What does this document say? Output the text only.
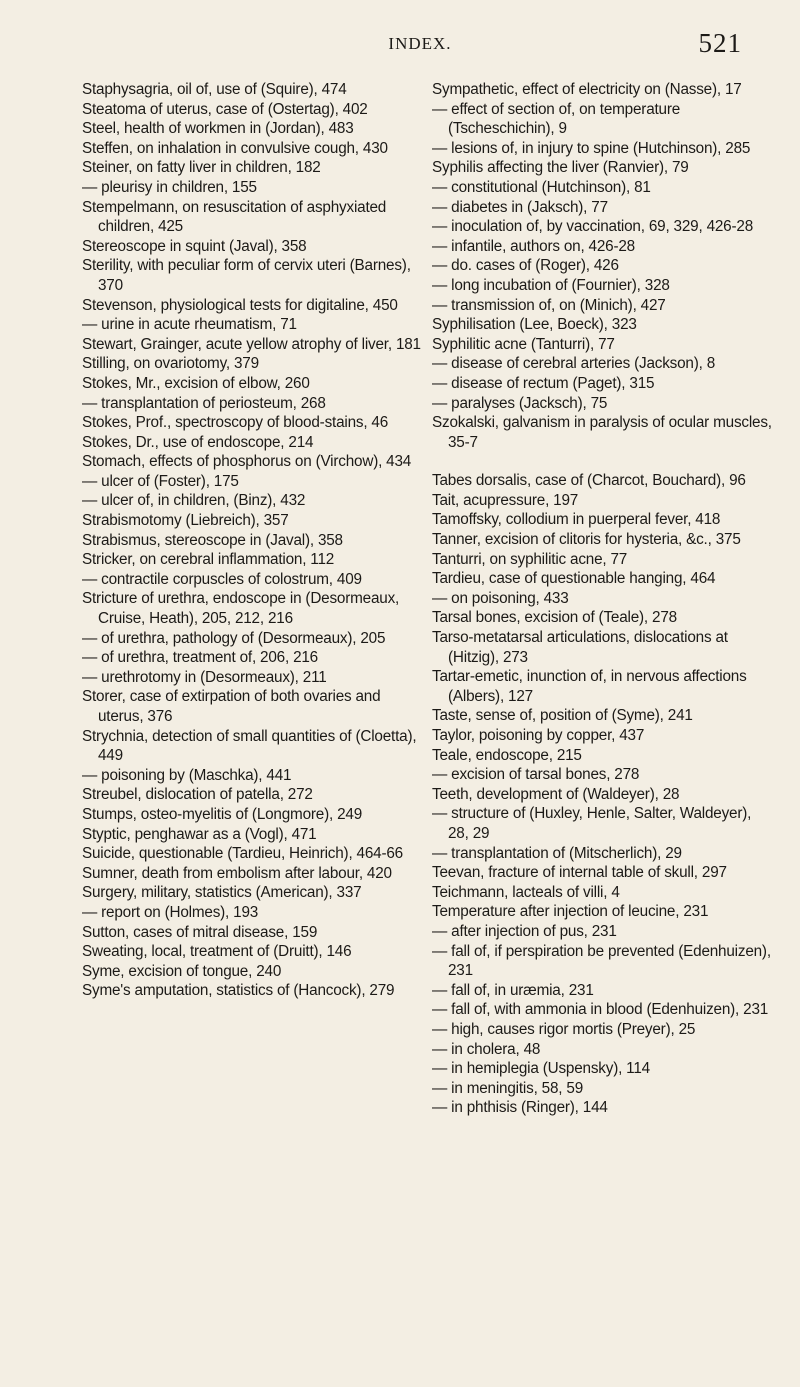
INDEX.	521

Staphysagria, oil of, use of (Squire), 474

Steatoma of uterus, case of (Ostertag), 402

Steel, health of workmen in (Jordan), 483

Steffen, on inhalation in convulsive cough, 430

Steiner, on fatty liver in children, 182

— pleurisy in children, 155

Stempelmann, on resuscitation of asphyxiated children, 425

Stereoscope in squint (Javal), 358

Sterility, with peculiar form of cervix uteri (Barnes), 370

Stevenson, physiological tests for digitaline, 450

— urine in acute rheumatism, 71

Stewart, Grainger, acute yellow atrophy of liver, 181

Stilling, on ovariotomy, 379

Stokes, Mr., excision of elbow, 260

— transplantation of periosteum, 268

Stokes, Prof., spectroscopy of blood-stains, 46

Stokes, Dr., use of endoscope, 214

Stomach, effects of phosphorus on (Virchow), 434

— ulcer of (Foster), 175

— ulcer of, in children, (Binz), 432

Strabismotomy (Liebreich), 357

Strabismus, stereoscope in (Javal), 358

Stricker, on cerebral inflammation, 112

— contractile corpuscles of colostrum, 409

Stricture of urethra, endoscope in (Desormeaux, Cruise, Heath), 205, 212, 216

— of urethra, pathology of (Desormeaux), 205

— of urethra, treatment of, 206, 216

— urethrotomy in (Desormeaux), 211

Storer, case of extirpation of both ovaries and uterus, 376

Strychnia, detection of small quantities of (Cloetta), 449

— poisoning by (Maschka), 441

Streubel, dislocation of patella, 272

Stumps, osteo-myelitis of (Longmore), 249

Styptic, penghawar as a (Vogl), 471

Suicide, questionable (Tardieu, Heinrich), 464-66

Sumner, death from embolism after labour, 420

Surgery, military, statistics (American), 337

— report on (Holmes), 193

Sutton, cases of mitral disease, 159

Sweating, local, treatment of (Druitt), 146

Syme, excision of tongue, 240

Syme's amputation, statistics of (Hancock), 279

Sympathetic, effect of electricity on (Nasse), 17

— effect of section of, on temperature (Tscheschichin), 9

— lesions of, in injury to spine (Hutchinson), 285

Syphilis affecting the liver (Ranvier), 79

— constitutional (Hutchinson), 81

— diabetes in (Jaksch), 77

— inoculation of, by vaccination, 69, 329, 426-28

— infantile, authors on, 426-28

— do. cases of (Roger), 426

— long incubation of (Fournier), 328

— transmission of, on (Minich), 427

Syphilisation (Lee, Boeck), 323

Syphilitic acne (Tanturri), 77

— disease of cerebral arteries (Jackson), 8

— disease of rectum (Paget), 315

— paralyses (Jacksch), 75

Szokalski, galvanism in paralysis of ocular muscles, 35-7

Tabes dorsalis, case of (Charcot, Bouchard), 96

Tait, acupressure, 197

Tamoffsky, collodium in puerperal fever, 418

Tanner, excision of clitoris for hysteria, &c., 375

Tanturri, on syphilitic acne, 77

Tardieu, case of questionable hanging, 464

— on poisoning, 433

Tarsal bones, excision of (Teale), 278

Tarso-metatarsal articulations, dislocations at (Hitzig), 273

Tartar-emetic, inunction of, in nervous affections (Albers), 127

Taste, sense of, position of (Syme), 241

Taylor, poisoning by copper, 437

Teale, endoscope, 215

— excision of tarsal bones, 278

Teeth, development of (Waldeyer), 28

— structure of (Huxley, Henle, Salter, Waldeyer), 28, 29

— transplantation of (Mitscherlich), 29

Teevan, fracture of internal table of skull, 297

Teichmann, lacteals of villi, 4

Temperature after injection of leucine, 231

— after injection of pus, 231

— fall of, if perspiration be prevented (Edenhuizen), 231

— fall of, in uræmia, 231

— fall of, with ammonia in blood (Edenhuizen), 231

— high, causes rigor mortis (Preyer), 25

— in cholera, 48

— in hemiplegia (Uspensky), 114

— in meningitis, 58, 59

— in phthisis (Ringer), 144
